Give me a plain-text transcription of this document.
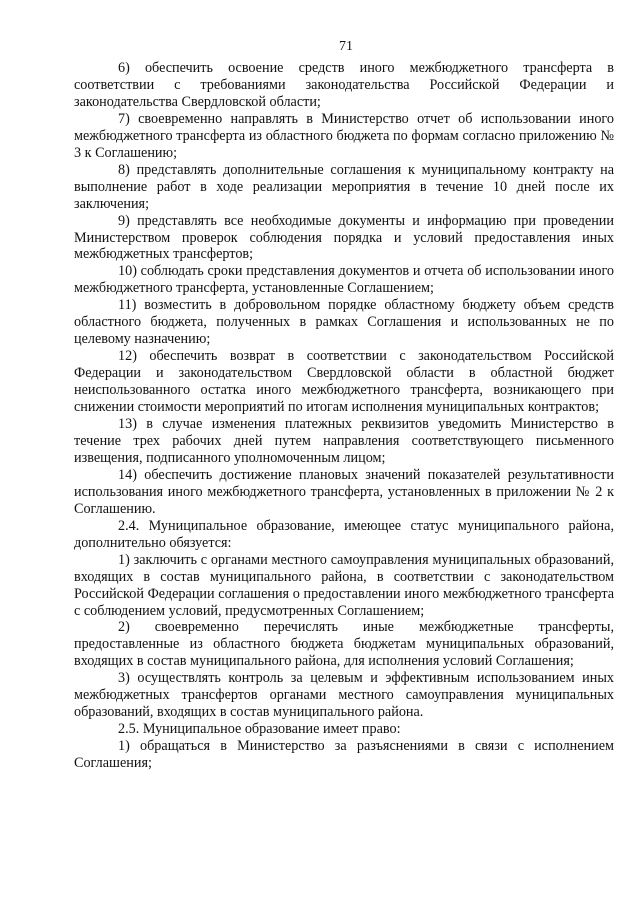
71

6) обеспечить освоение средств иного межбюджетного трансферта в соответствии с требованиями законодательства Российской Федерации и законодательства Свердловской области;

7) своевременно направлять в Министерство отчет об использовании иного межбюджетного трансферта из областного бюджета по формам согласно приложению № 3 к Соглашению;

8) представлять дополнительные соглашения к муниципальному контракту на выполнение работ в ходе реализации мероприятия в течение 10 дней после их заключения;

9) представлять все необходимые документы и информацию при проведении Министерством проверок соблюдения порядка и условий предоставления иных межбюджетных трансфертов;

10) соблюдать сроки представления документов и отчета об использовании иного межбюджетного трансферта, установленные Соглашением;

11) возместить в добровольном порядке областному бюджету объем средств областного бюджета, полученных в рамках Соглашения и использованных не по целевому назначению;

12) обеспечить возврат в соответствии с законодательством Российской Федерации и законодательством Свердловской области в областной бюджет неиспользованного остатка иного межбюджетного трансферта, возникающего при снижении стоимости мероприятий по итогам исполнения муниципальных контрактов;

13) в случае изменения платежных реквизитов уведомить Министерство в течение трех рабочих дней путем направления соответствующего письменного извещения, подписанного уполномоченным лицом;

14) обеспечить достижение плановых значений показателей результативности использования иного межбюджетного трансферта, установленных в приложении № 2 к Соглашению.

2.4. Муниципальное образование, имеющее статус муниципального района, дополнительно обязуется:

1) заключить с органами местного самоуправления муниципальных образований, входящих в состав муниципального района, в соответствии с законодательством Российской Федерации соглашения о предоставлении иного межбюджетного трансферта с соблюдением условий, предусмотренных Соглашением;

2) своевременно перечислять иные межбюджетные трансферты, предоставленные из областного бюджета бюджетам муниципальных образований, входящих в состав муниципального района, для исполнения условий Соглашения;

3) осуществлять контроль за целевым и эффективным использованием иных межбюджетных трансфертов органами местного самоуправления муниципальных образований, входящих в состав муниципального района.

2.5. Муниципальное образование имеет право:

1) обращаться в Министерство за разъяснениями в связи с исполнением Соглашения;
